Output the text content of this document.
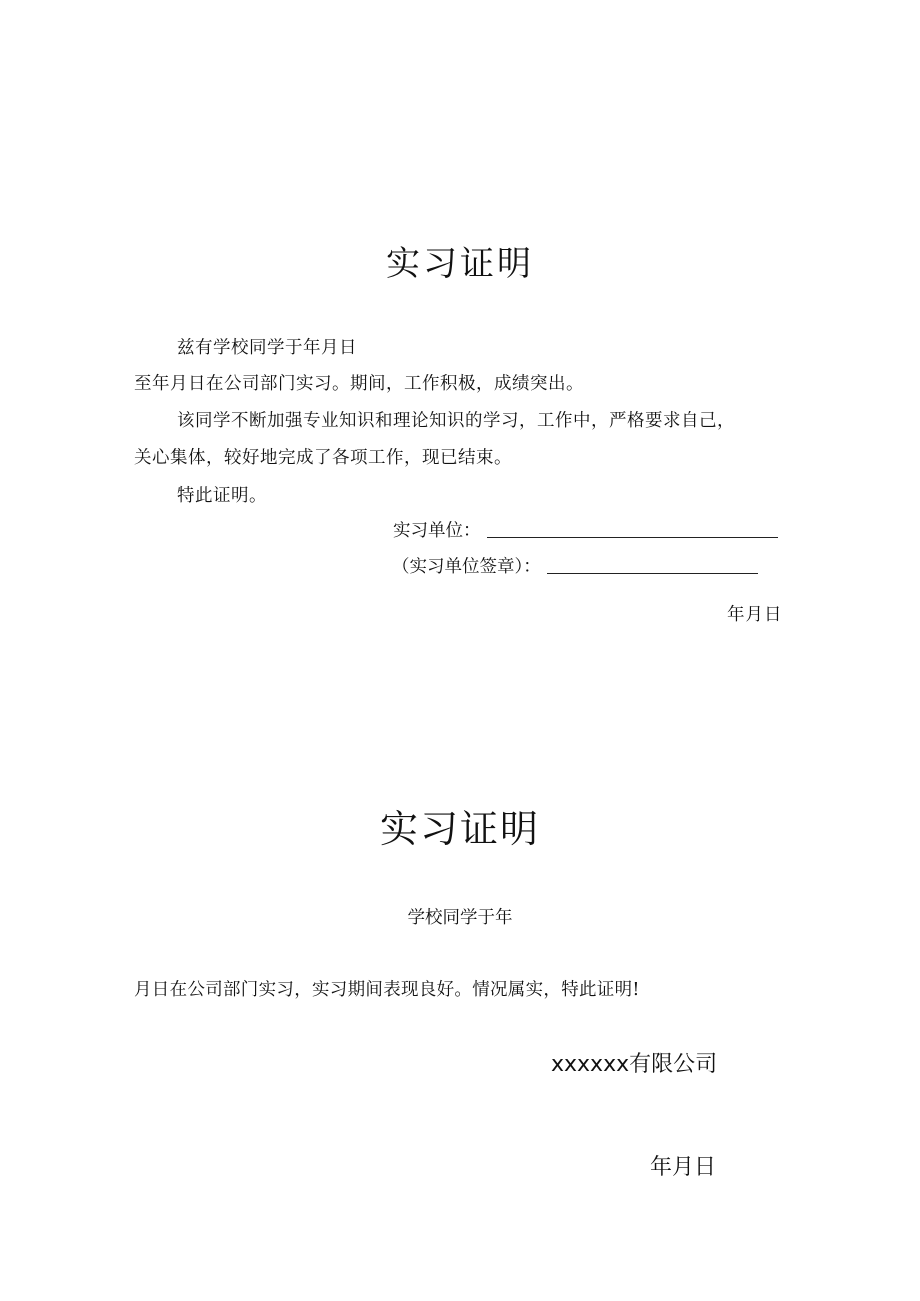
实习证明
兹有学校同学于年月日
至年月日在公司部门实习。期间，工作积极，成绩突出。
该同学不断加强专业知识和理论知识的学习，工作中，严格要求自己，
关心集体，较好地完成了各项工作，现已结束。
特此证明。
实习单位：
（实习单位签章）：
年月日
实习证明
学校同学于年
月日在公司部门实习，实习期间表现良好。情况属实，特此证明!
xxxxxx有限公司
年月日
